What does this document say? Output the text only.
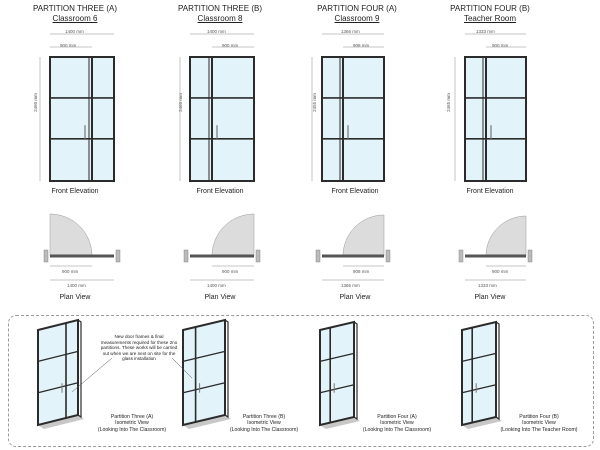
PARTITION THREE (A)
Classroom 6
PARTITION THREE (B)
Classroom 8
PARTITION FOUR (A)
Classroom 9
PARTITION FOUR (B)
Teacher Room
1400 mm
900 mm
2460 mm
1400 mm
900 mm
2460 mm
1366 mm
908 mm
2455 mm
1333 mm
900 mm
2465 mm
Front Elevation	Front Elevation	Front Elevation	Front Elevation
900 mm
1400 mm
900 mm
1400 mm
908 mm
1366 mm
900 mm
1333 mm
Plan View	Plan View	Plan View	Plan View
New door frames & final measurements required for these 2no partitions. These works will be carried out when we are next on site for the glass installation
Partition Three (A)
Isometric View
(Looking Into The Classroom)
Partition Three (B)
Isometric View
(Looking Into The Classroom)
Partition Four (A)
Isometric View
(Looking Into The Classroom)
Partition Four (B)
Isometric View
(Looking Into The Teacher Room)
